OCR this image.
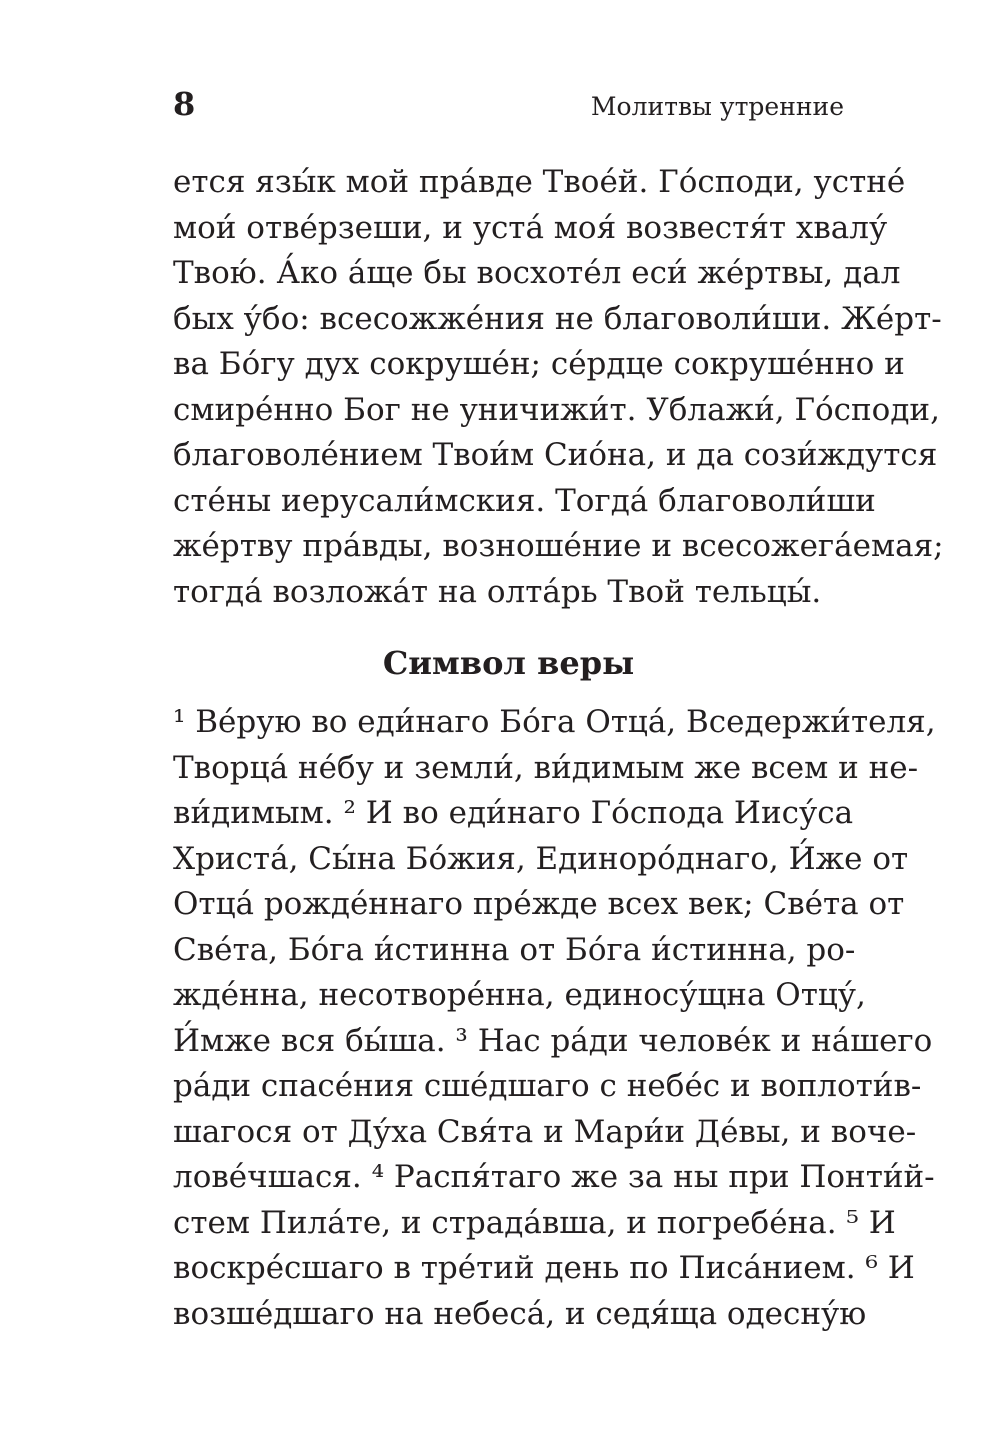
8	Молитвы утренние
ется язы́к мой пра́вде Твое́й. Го́споди, устне́
мои́ отве́рзеши, и уста́ моя́ возвестя́т хвалу́
Твою́. А́ко а́ще бы восхоте́л еси́ же́ртвы, дал
бых у́бо: всесожже́ния не благоволи́ши. Же́рт-
ва Бо́гу дух сокруше́н; се́рдце сокруше́нно и
смире́нно Бог не уничижи́т. Ублажи́, Го́споди,
благоволе́нием Твои́м Сио́на, и да сози́ждутся
сте́ны иерусали́мския. Тогда́ благоволи́ши
же́ртву пра́вды, возноше́ние и всесожега́емая;
тогда́ возложа́т на олта́рь Твой тельцы́.
Символ веры
¹ Ве́рую во еди́наго Бо́га Отца́, Вседержи́теля,
Творца́ не́бу и земли́, ви́димым же всем и не-
ви́димым. ² И во еди́наго Го́спода Иису́са
Христа́, Сы́на Бо́жия, Единоро́днаго, И́же от
Отца́ рожде́ннаго пре́жде всех век; Све́та от
Све́та, Бо́га и́стинна от Бо́га и́стинна, ро-
жде́нна, несотворе́нна, единосу́щна Отцу́,
И́мже вся бы́ша. ³ Нас ра́ди челове́к и на́шего
ра́ди спасе́ния сше́дшаго с небе́с и воплоти́в-
шагося от Ду́ха Свя́та и Мари́и Де́вы, и воче-
лове́чшася. ⁴ Распя́таго же за ны при Понти́й-
стем Пила́те, и страда́вша, и погребе́на. ⁵ И
воскре́сшаго в тре́тий день по Писа́нием. ⁶ И
возше́дшаго на небеса́, и седя́ща одесну́ю
